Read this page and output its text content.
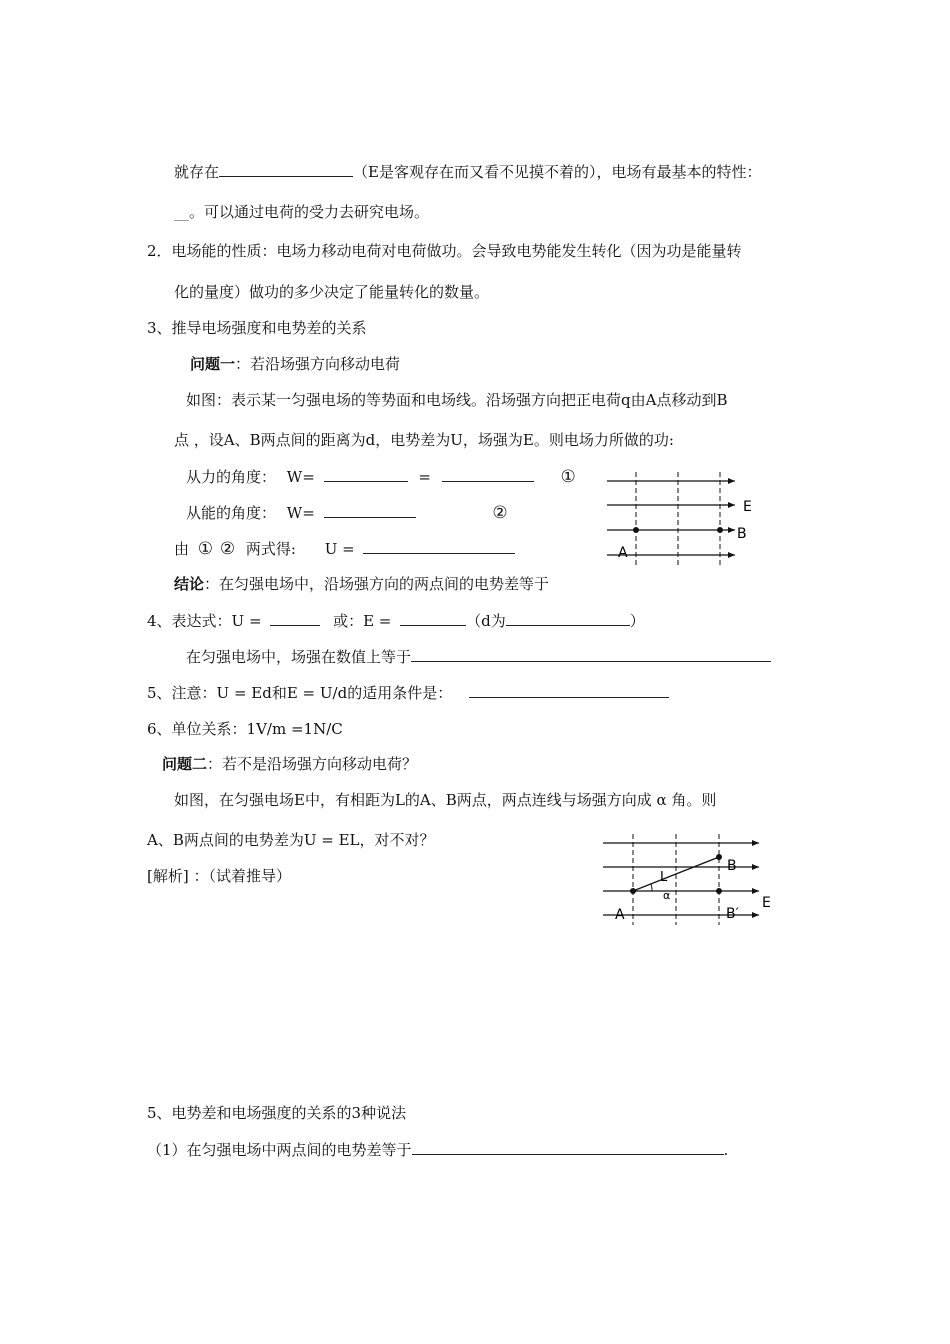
就存在	（E是客观存在而又看不见摸不着的），电场有最基本的特性：
__。可以通过电荷的受力去研究电场。
2．电场能的性质：电场力移动电荷对电荷做功。会导致电势能发生转化（因为功是能量转
化的量度）做功的多少决定了能量转化的数量。
3、推导电场强度和电势差的关系
问题一：若沿场强方向移动电荷
如图：表示某一匀强电场的等势面和电场线。沿场强方向把正电荷q由A点移动到B
点 ，设A、B两点间的距离为d，电势差为U，场强为E。则电场力所做的功:
从力的角度： W=	=	①
从能的角度： W=	②
由 ① ② 两式得: U =
结论：在匀强电场中，沿场强方向的两点间的电势差等于
E
B
A
4、表达式：U =	或：E =	（d为	）
在匀强电场中，场强在数值上等于
5、注意：U = Ed和E = U/d的适用条件是：
6、单位关系：1V/m =1N/C
问题二：若不是沿场强方向移动电荷？
如图，在匀强电场E中，有相距为L的A、B两点，两点连线与场强方向成 α 角。则
A、B两点间的电势差为U = EL，对不对？
[解析] ：（试着推导）
B
L
α
A	B′
E
5、电势差和电场强度的关系的3种说法
（1）在匀强电场中两点间的电势差等于	.
